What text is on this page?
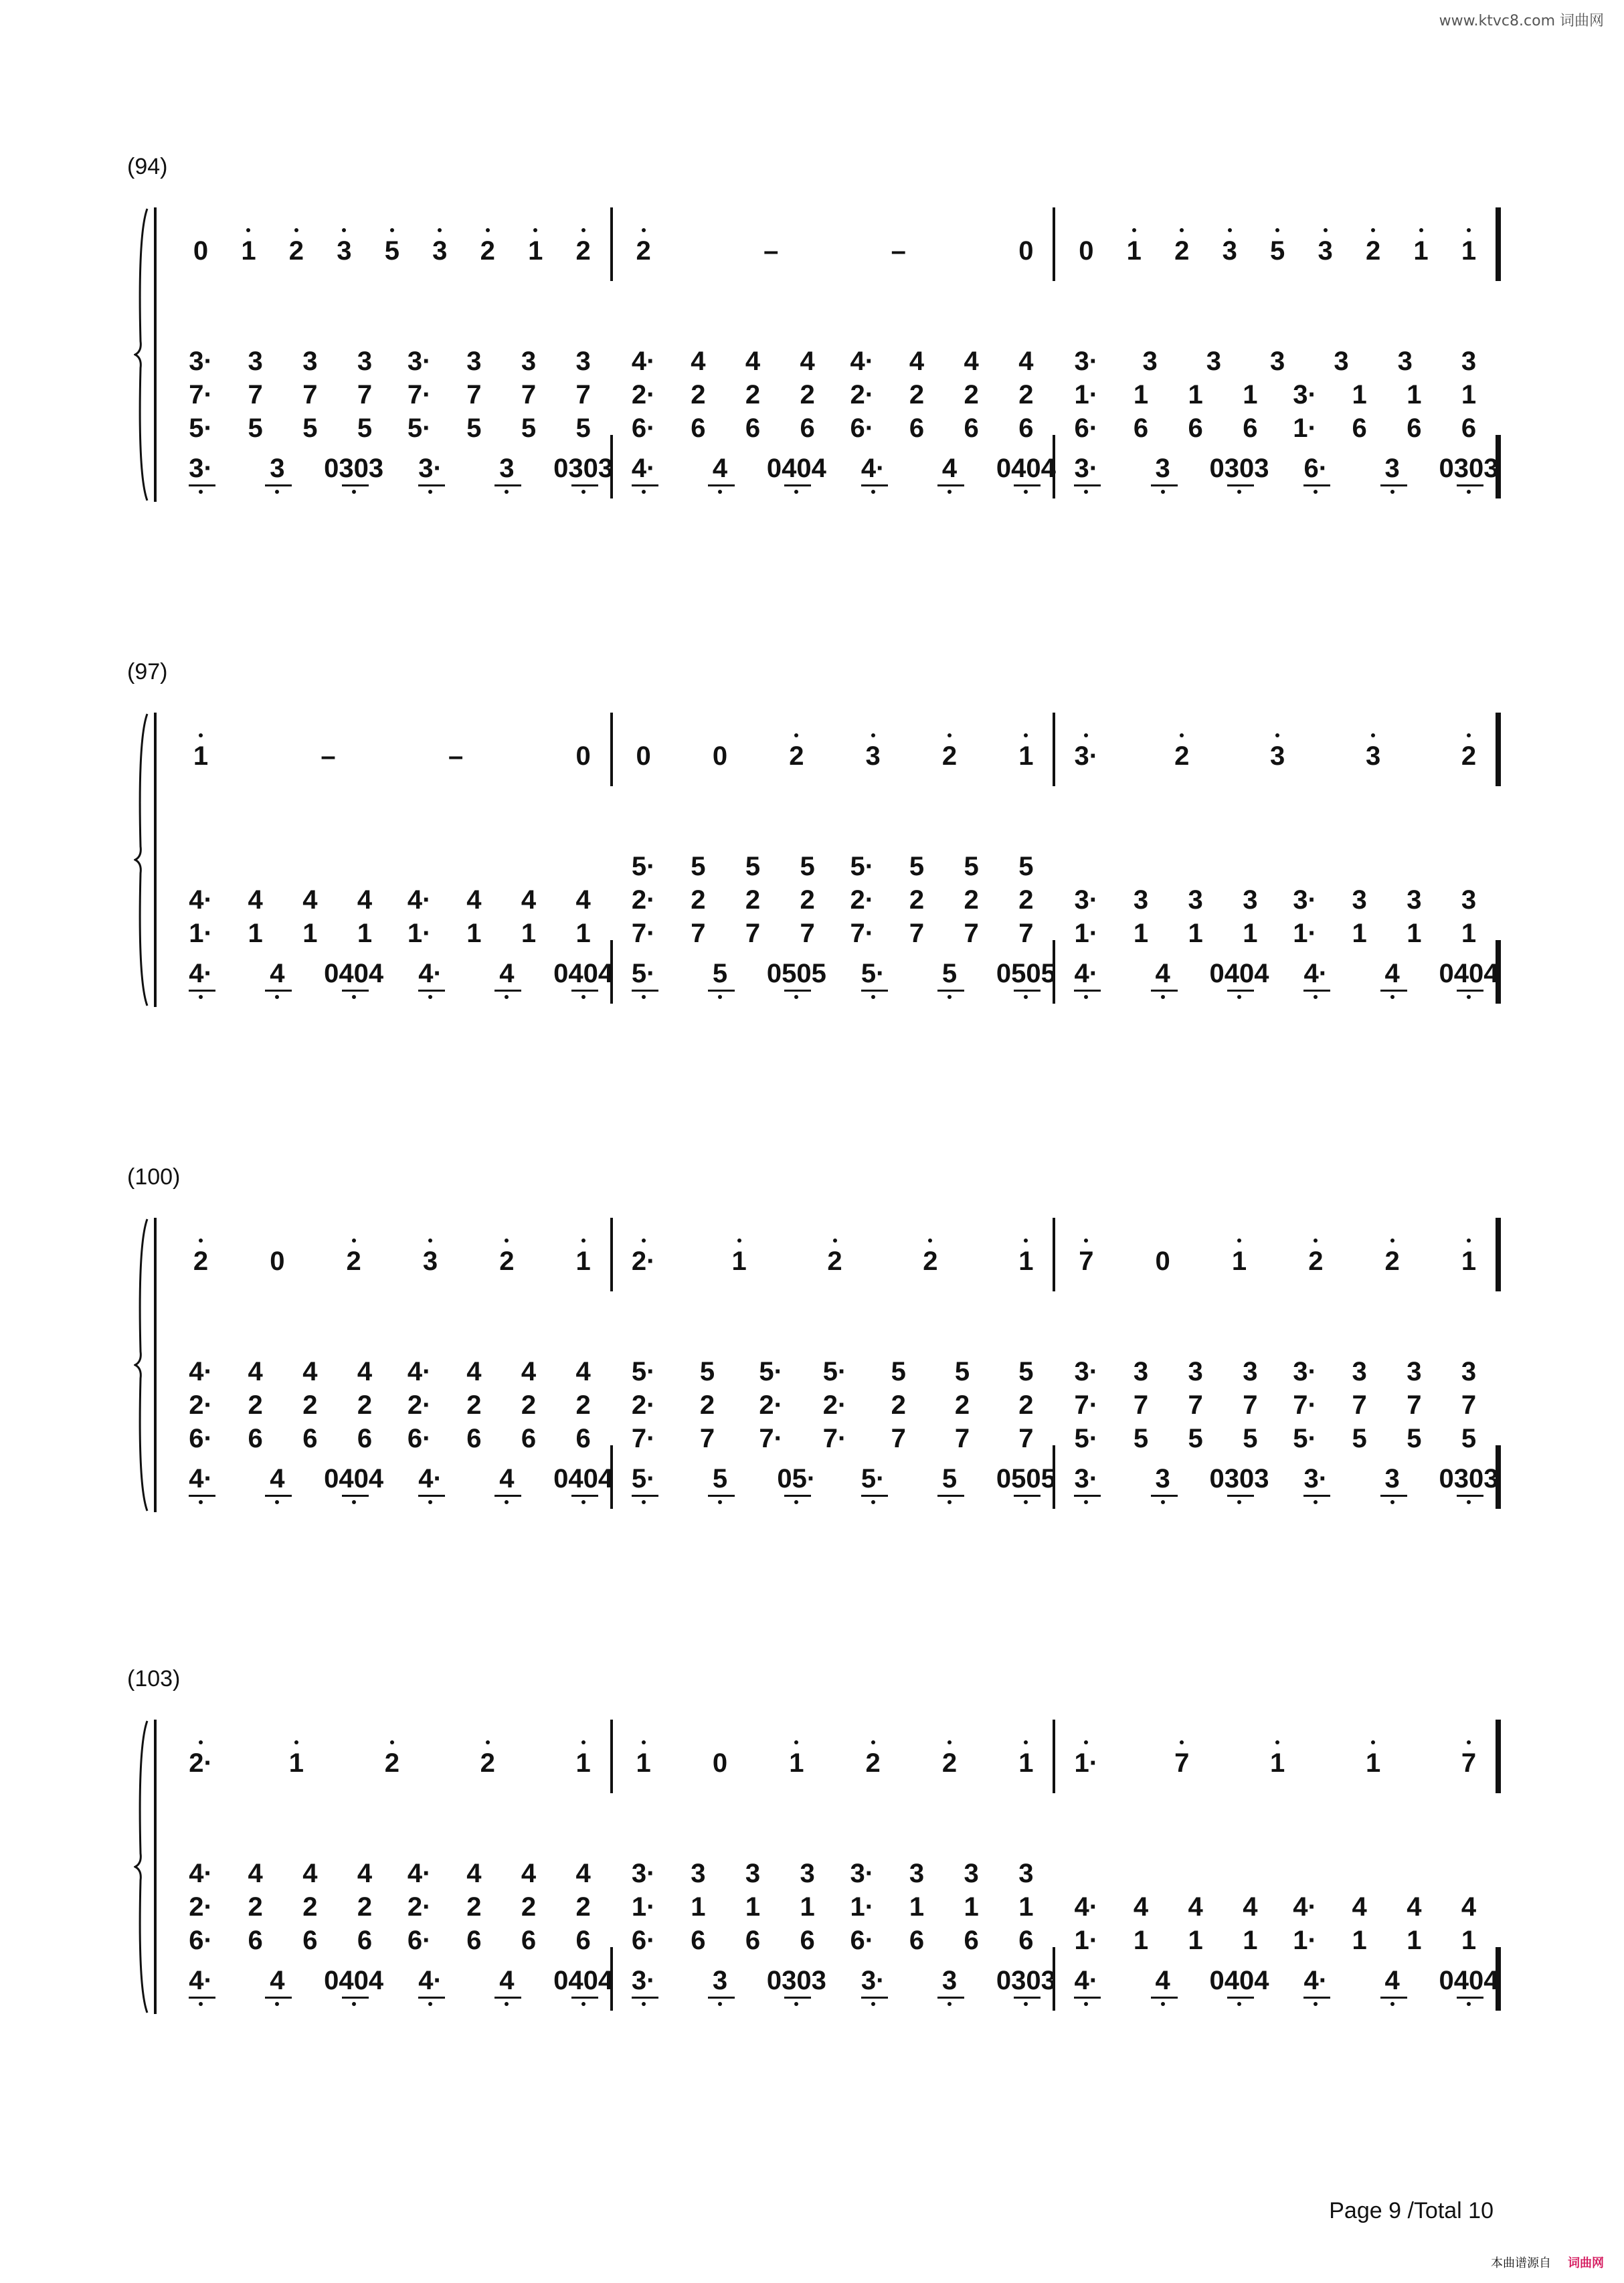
www.ktvc8.com 词曲网
(94)
0 1 2 3 5 3 2 1 2
3· 3 3 3 3· 3 3 3
7· 7 7 7 7· 7 7 7
5· 5 5 5 5· 5 5 5
3· 3 0303 3· 3 0303
2	–	–	0
4· 4 4 4 4· 4 4 4
2· 2 2 2 2· 2 2 2
6· 6 6 6 6· 6 6 6
4· 4 0404 4· 4 0404
0 1 2 3 5 3 2 1 1
3· 3 3 3 3 3 3
1· 1 1 1 3· 1 1 1
6· 6 6 6 1· 6 6 6
3· 3 0303 6· 3 0303
(97)
1	–	–	0
4· 4 4 4 4· 4 4 4
1· 1 1 1 1· 1 1 1
4· 4 0404 4· 4 0404
0 0 2 3 2 1
5· 5 5 5 5· 5 5 5
2· 2 2 2 2· 2 2 2
7· 7 7 7 7· 7 7 7
5· 5 0505 5· 5 0505
3·	2	3	3	2
3· 3 3 3 3· 3 3 3
1· 1 1 1 1· 1 1 1
4· 4 0404 4· 4 0404
(100)
2 0 2 3 2 1
4· 4 4 4 4· 4 4 4
2· 2 2 2 2· 2 2 2
6· 6 6 6 6· 6 6 6
4· 4 0404 4· 4 0404
2·	1	2	2	1
5· 5 5· 5· 5 5 5
2· 2 2· 2· 2 2 2
7· 7 7· 7· 7 7 7
5· 5 05· 5· 5 0505
7 0 1 2 2 1
3· 3 3 3 3· 3 3 3
7· 7 7 7 7· 7 7 7
5· 5 5 5 5· 5 5 5
3· 3 0303 3· 3 0303
(103)
2·	1	2	2	1
4· 4 4 4 4· 4 4 4
2· 2 2 2 2· 2 2 2
6· 6 6 6 6· 6 6 6
4· 4 0404 4· 4 0404
1 0 1 2 2 1
3· 3 3 3 3· 3 3 3
1· 1 1 1 1· 1 1 1
6· 6 6 6 6· 6 6 6
3· 3 0303 3· 3 0303
1·	7	1	1	7
4· 4 4 4 4· 4 4 4
1· 1 1 1 1· 1 1 1
4· 4 0404 4· 4 0404
Page 9 /Total 10
本曲谱源自 词曲网
